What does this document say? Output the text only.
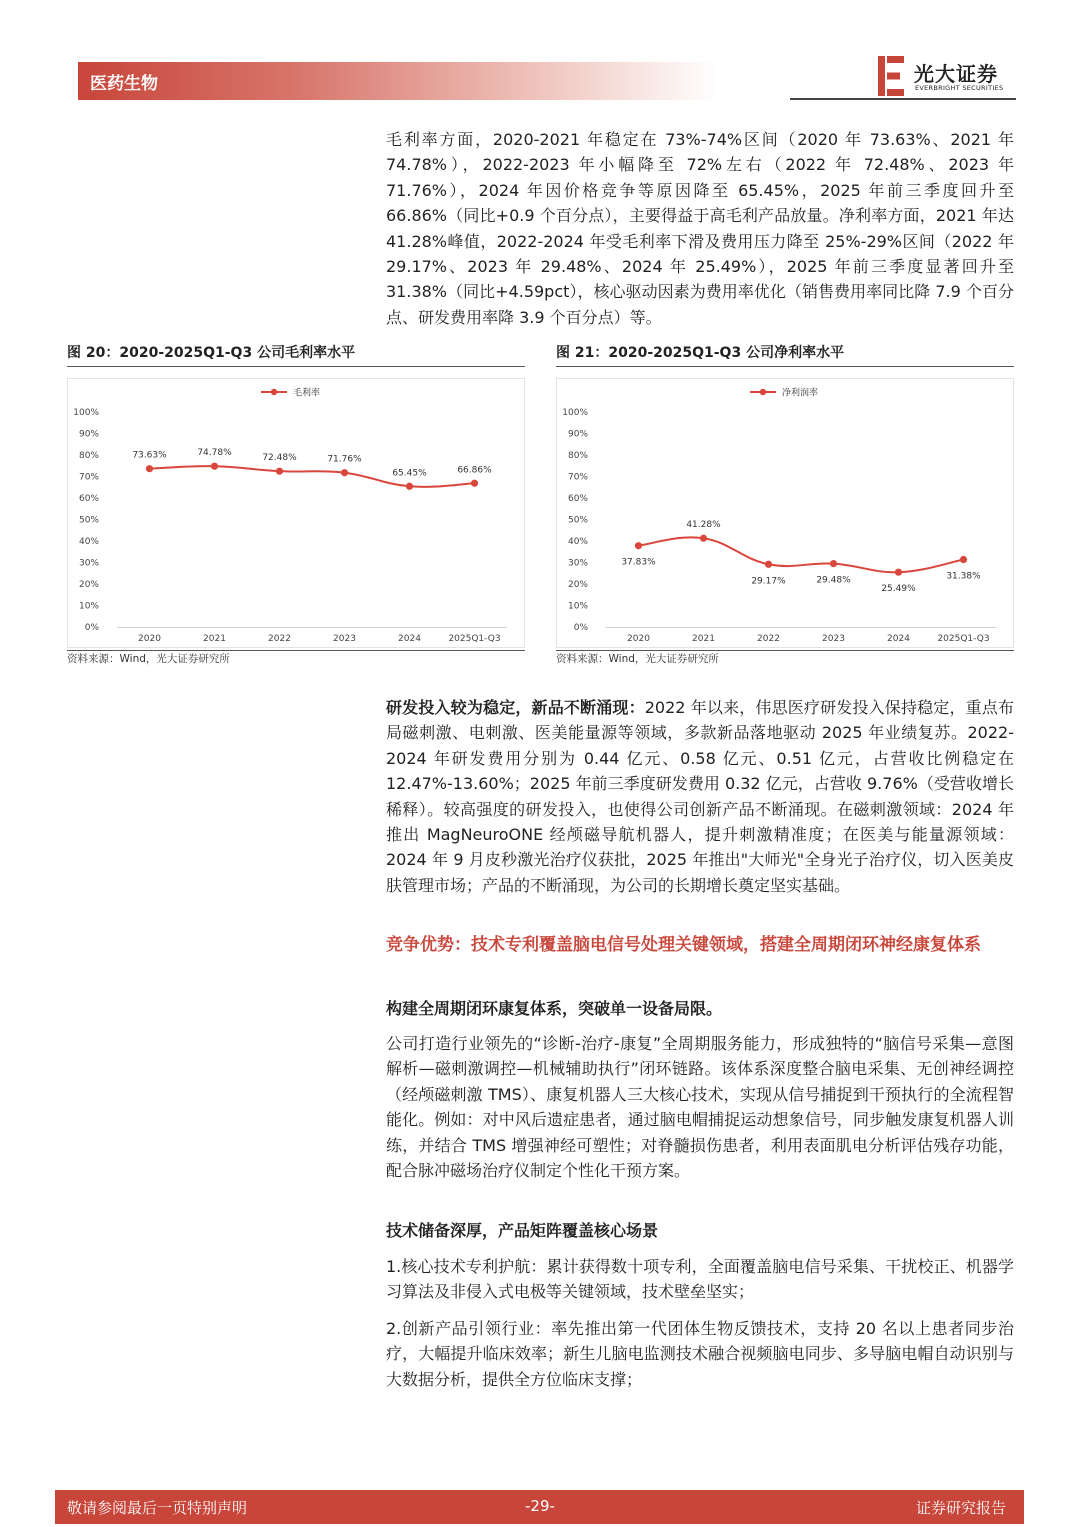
医药生物	光大证券
EVERBRIGHT SECURITIES
毛利率方面，2020-2021 年稳定在 73%-74%区间（2020 年 73.63%、2021 年 74.78%），2022-2023 年小幅降至 72%左右（2022 年 72.48%、2023 年 71.76%），2024 年因价格竞争等原因降至 65.45%，2025 年前三季度回升至 66.86%（同比+0.9 个百分点），主要得益于高毛利产品放量。净利率方面，2021 年达 41.28%峰值，2022-2024 年受毛利率下滑及费用压力降至 25%-29%区间（2022 年 29.17%、2023 年 29.48%、2024 年 25.49%），2025 年前三季度显著回升至 31.38%（同比+4.59pct），核心驱动因素为费用率优化（销售费用率同比降 7.9 个百分点、研发费用率降 3.9 个百分点）等。
图 20：2020-2025Q1-Q3 公司毛利率水平
毛利率
0%
10%
20%
30%
40%
50%
60%
70%
80%
90%
100%
2020	2021	2022	2023	2024	2025Q1-Q3
73.63%	74.78%	72.48%	71.76%
65.45%	66.86%
资料来源：Wind，光大证券研究所
图 21：2020-2025Q1-Q3 公司净利率水平
净利润率
0%
10%
20%
30%
40%
50%
60%
70%
80%
90%
100%
2020	2021	2022	2023	2024	2025Q1-Q3
37.83%
41.28%
29.17%	29.48%
25.49%
31.38%
资料来源：Wind，光大证券研究所
研发投入较为稳定，新品不断涌现：2022 年以来，伟思医疗研发投入保持稳定，重点布局磁刺激、电刺激、医美能量源等领域，多款新品落地驱动 2025 年业绩复苏。2022-2024 年研发费用分别为 0.44 亿元、0.58 亿元、0.51 亿元，占营收比例稳定在 12.47%-13.60%；2025 年前三季度研发费用 0.32 亿元，占营收 9.76%（受营收增长稀释）。较高强度的研发投入，也使得公司创新产品不断涌现。在磁刺激领域：2024 年推出 MagNeuroONE 经颅磁导航机器人，提升刺激精准度；在医美与能量源领域：2024 年 9 月皮秒激光治疗仪获批，2025 年推出"大师光"全身光子治疗仪，切入医美皮肤管理市场；产品的不断涌现，为公司的长期增长奠定坚实基础。
竞争优势：技术专利覆盖脑电信号处理关键领域，搭建全周期闭环神经康复体系
构建全周期闭环康复体系，突破单一设备局限。
公司打造行业领先的“诊断-治疗-康复”全周期服务能力，形成独特的“脑信号采集—意图解析—磁刺激调控—机械辅助执行”闭环链路。该体系深度整合脑电采集、无创神经调控（经颅磁刺激 TMS）、康复机器人三大核心技术，实现从信号捕捉到干预执行的全流程智能化。例如：对中风后遗症患者，通过脑电帽捕捉运动想象信号，同步触发康复机器人训练，并结合 TMS 增强神经可塑性；对脊髓损伤患者，利用表面肌电分析评估残存功能，配合脉冲磁场治疗仪制定个性化干预方案。
技术储备深厚，产品矩阵覆盖核心场景
1.核心技术专利护航：累计获得数十项专利，全面覆盖脑电信号采集、干扰校正、机器学习算法及非侵入式电极等关键领域，技术壁垒坚实；
2.创新产品引领行业：率先推出第一代团体生物反馈技术，支持 20 名以上患者同步治疗，大幅提升临床效率；新生儿脑电监测技术融合视频脑电同步、多导脑电帽自动识别与大数据分析，提供全方位临床支撑；
敬请参阅最后一页特别声明	-29-	证券研究报告
